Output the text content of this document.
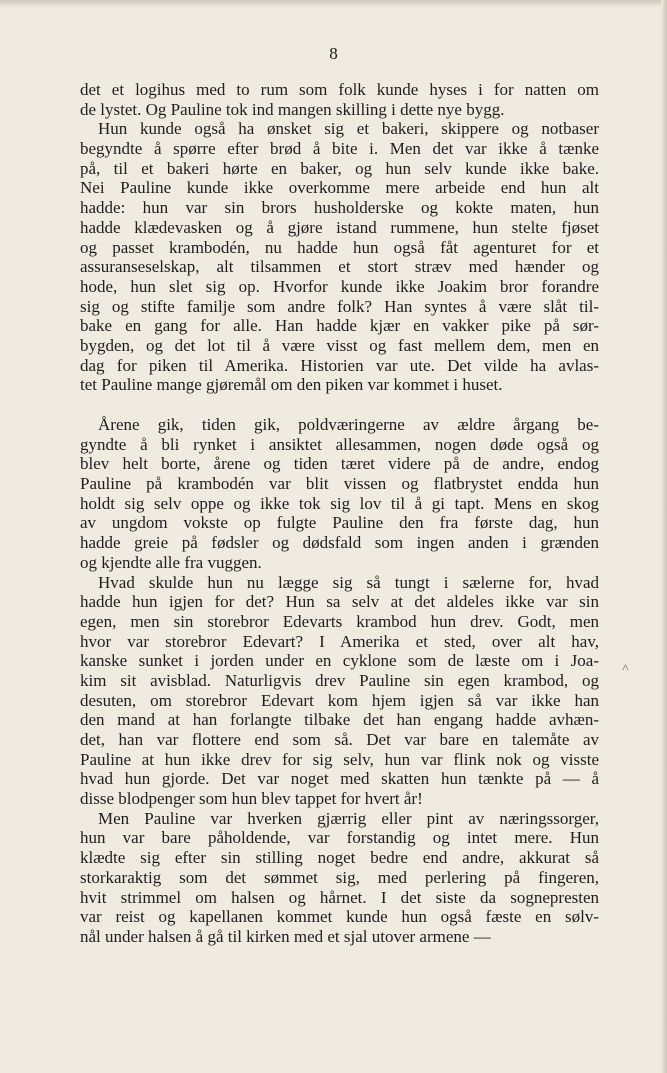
8
det et logihus med to rum som folk kunde hyses i for natten om
de lystet. Og Pauline tok ind mangen skilling i dette nye bygg.
Hun kunde også ha ønsket sig et bakeri, skippere og notbaser
begyndte å spørre efter brød å bite i. Men det var ikke å tænke
på, til et bakeri hørte en baker, og hun selv kunde ikke bake.
Nei Pauline kunde ikke overkomme mere arbeide end hun alt
hadde: hun var sin brors husholderske og kokte maten, hun
hadde klædevasken og å gjøre istand rummene, hun stelte fjøset
og passet krambodén, nu hadde hun også fåt agenturet for et
assuranseselskap, alt tilsammen et stort stræv med hænder og
hode, hun slet sig op. Hvorfor kunde ikke Joakim bror forandre
sig og stifte familje som andre folk? Han syntes å være slåt til-
bake en gang for alle. Han hadde kjær en vakker pike på sør-
bygden, og det lot til å være visst og fast mellem dem, men en
dag for piken til Amerika. Historien var ute. Det vilde ha avlas-
tet Pauline mange gjøremål om den piken var kommet i huset.
Årene gik, tiden gik, poldværingerne av ældre årgang be-
gyndte å bli rynket i ansiktet allesammen, nogen døde også og
blev helt borte, årene og tiden tæret videre på de andre, endog
Pauline på krambodén var blit vissen og flatbrystet endda hun
holdt sig selv oppe og ikke tok sig lov til å gi tapt. Mens en skog
av ungdom vokste op fulgte Pauline den fra første dag, hun
hadde greie på fødsler og dødsfald som ingen anden i grænden
og kjendte alle fra vuggen.
Hvad skulde hun nu lægge sig så tungt i sælerne for, hvad
hadde hun igjen for det? Hun sa selv at det aldeles ikke var sin
egen, men sin storebror Edevarts krambod hun drev. Godt, men
hvor var storebror Edevart? I Amerika et sted, over alt hav,
kanske sunket i jorden under en cyklone som de læste om i Joa-
kim sit avisblad. Naturligvis drev Pauline sin egen krambod, og
desuten, om storebror Edevart kom hjem igjen så var ikke han
den mand at han forlangte tilbake det han engang hadde avhæn-
det, han var flottere end som så. Det var bare en talemåte av
Pauline at hun ikke drev for sig selv, hun var flink nok og visste
hvad hun gjorde. Det var noget med skatten hun tænkte på — å
disse blodpenger som hun blev tappet for hvert år!
Men Pauline var hverken gjærrig eller pint av næringssorger,
hun var bare påholdende, var forstandig og intet mere. Hun
klædte sig efter sin stilling noget bedre end andre, akkurat så
storkaraktig som det sømmet sig, med perlering på fingeren,
hvit strimmel om halsen og hårnet. I det siste da sognepresten
var reist og kapellanen kommet kunde hun også fæste en sølv-
nål under halsen å gå til kirken med et sjal utover armene —
˄
